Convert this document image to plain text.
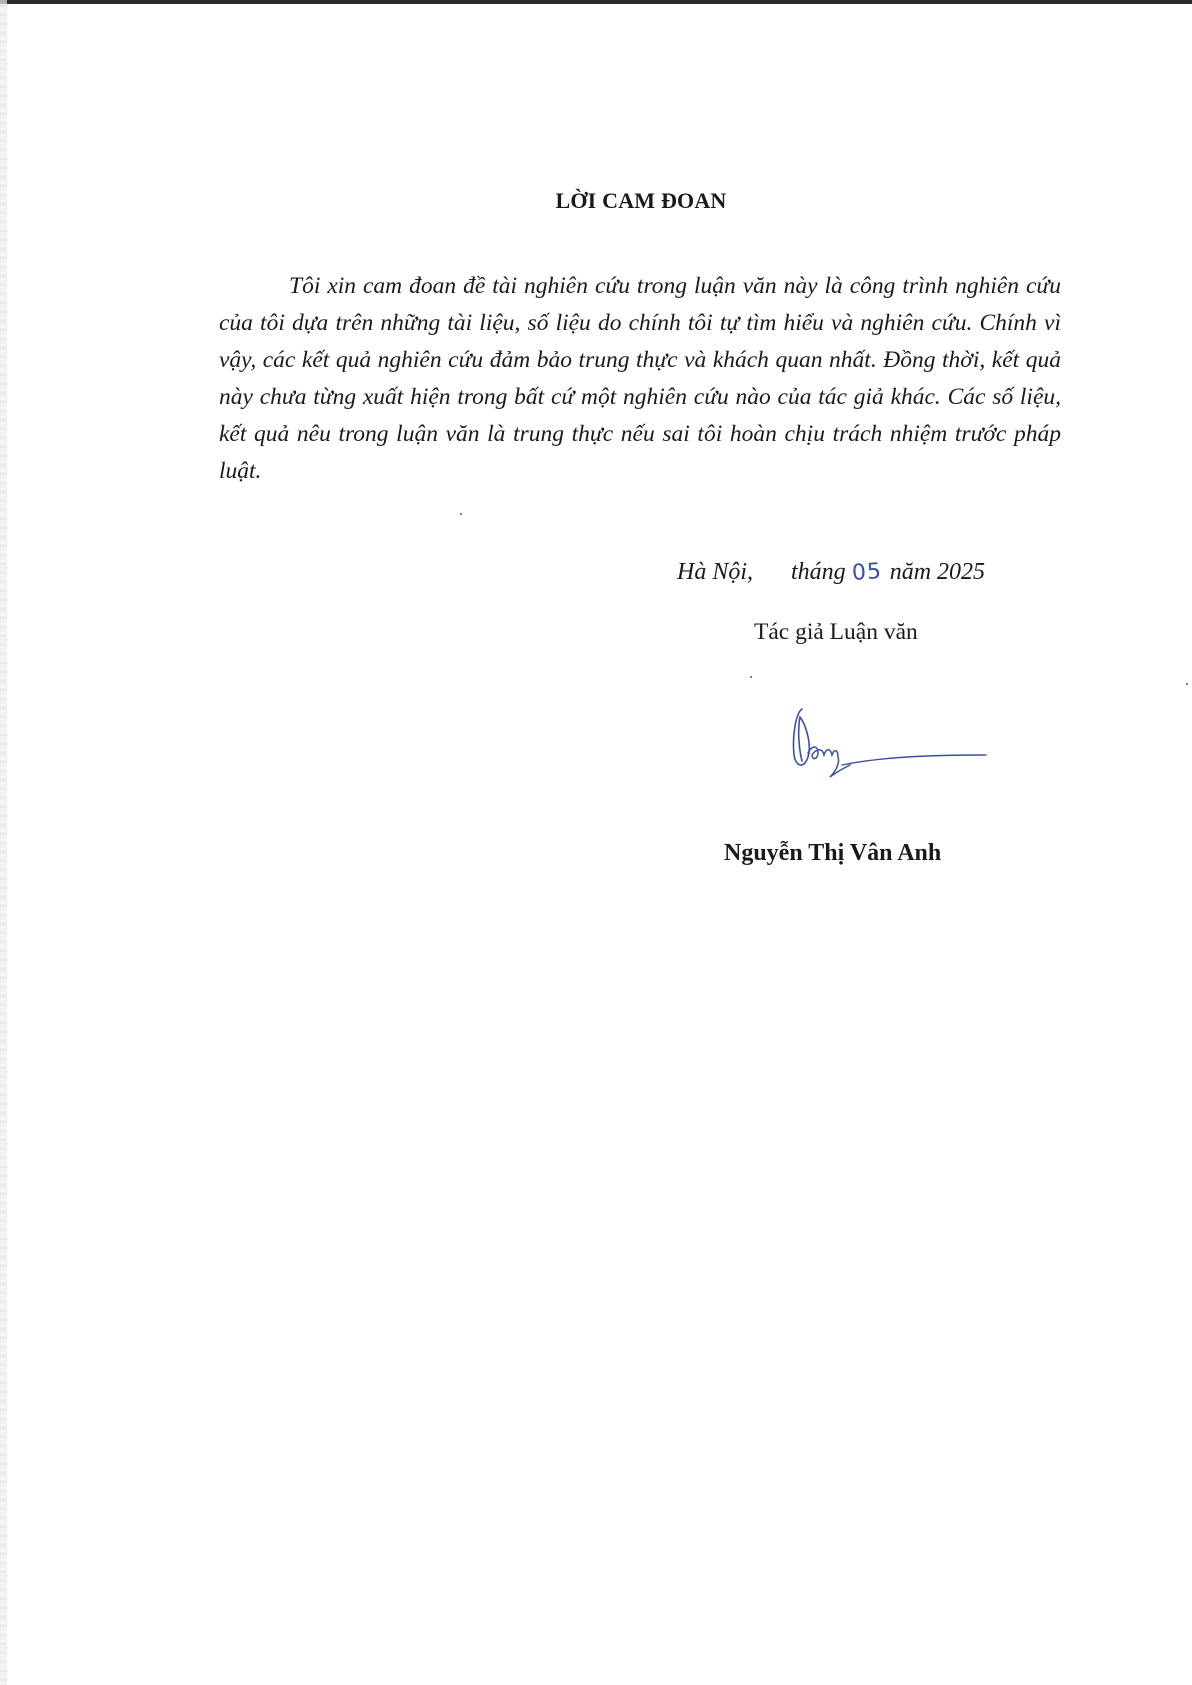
LỜI CAM ĐOAN

Tôi xin cam đoan đề tài nghiên cứu trong luận văn này là công trình nghiên cứu của tôi dựa trên những tài liệu, số liệu do chính tôi tự tìm hiểu và nghiên cứu. Chính vì vậy, các kết quả nghiên cứu đảm bảo trung thực và khách quan nhất. Đồng thời, kết quả này chưa từng xuất hiện trong bất cứ một nghiên cứu nào của tác giả khác. Các số liệu, kết quả nêu trong luận văn là trung thực nếu sai tôi hoàn chịu trách nhiệm trước pháp luật.

Hà Nội, tháng 05 năm 2025
Tác giả Luận văn
Nguyễn Thị Vân Anh
